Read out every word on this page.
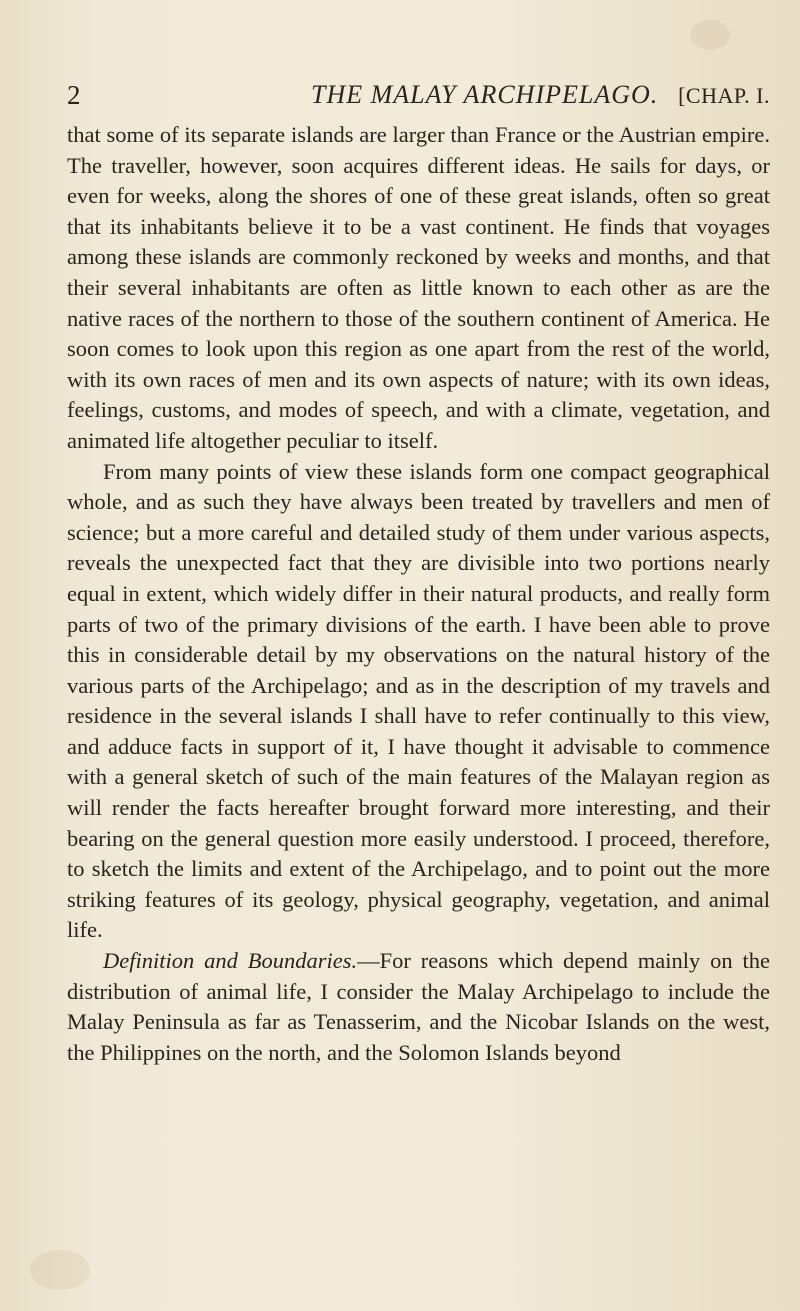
2	THE MALAY ARCHIPELAGO. [CHAP. I.

that some of its separate islands are larger than France or the Austrian empire. The traveller, however, soon acquires different ideas. He sails for days, or even for weeks, along the shores of one of these great islands, often so great that its inhabitants believe it to be a vast continent. He finds that voyages among these islands are commonly reckoned by weeks and months, and that their several inhabitants are often as little known to each other as are the native races of the northern to those of the southern continent of America. He soon comes to look upon this region as one apart from the rest of the world, with its own races of men and its own aspects of nature; with its own ideas, feelings, customs, and modes of speech, and with a climate, vegetation, and animated life altogether peculiar to itself.

From many points of view these islands form one compact geographical whole, and as such they have always been treated by travellers and men of science; but a more careful and detailed study of them under various aspects, reveals the unexpected fact that they are divisible into two portions nearly equal in extent, which widely differ in their natural products, and really form parts of two of the primary divisions of the earth. I have been able to prove this in considerable detail by my observations on the natural history of the various parts of the Archipelago; and as in the description of my travels and residence in the several islands I shall have to refer continually to this view, and adduce facts in support of it, I have thought it advisable to commence with a general sketch of such of the main features of the Malayan region as will render the facts hereafter brought forward more interesting, and their bearing on the general question more easily understood. I proceed, therefore, to sketch the limits and extent of the Archipelago, and to point out the more striking features of its geology, physical geography, vegetation, and animal life.

Definition and Boundaries.—For reasons which depend mainly on the distribution of animal life, I consider the Malay Archipelago to include the Malay Peninsula as far as Tenasserim, and the Nicobar Islands on the west, the Philippines on the north, and the Solomon Islands beyond
